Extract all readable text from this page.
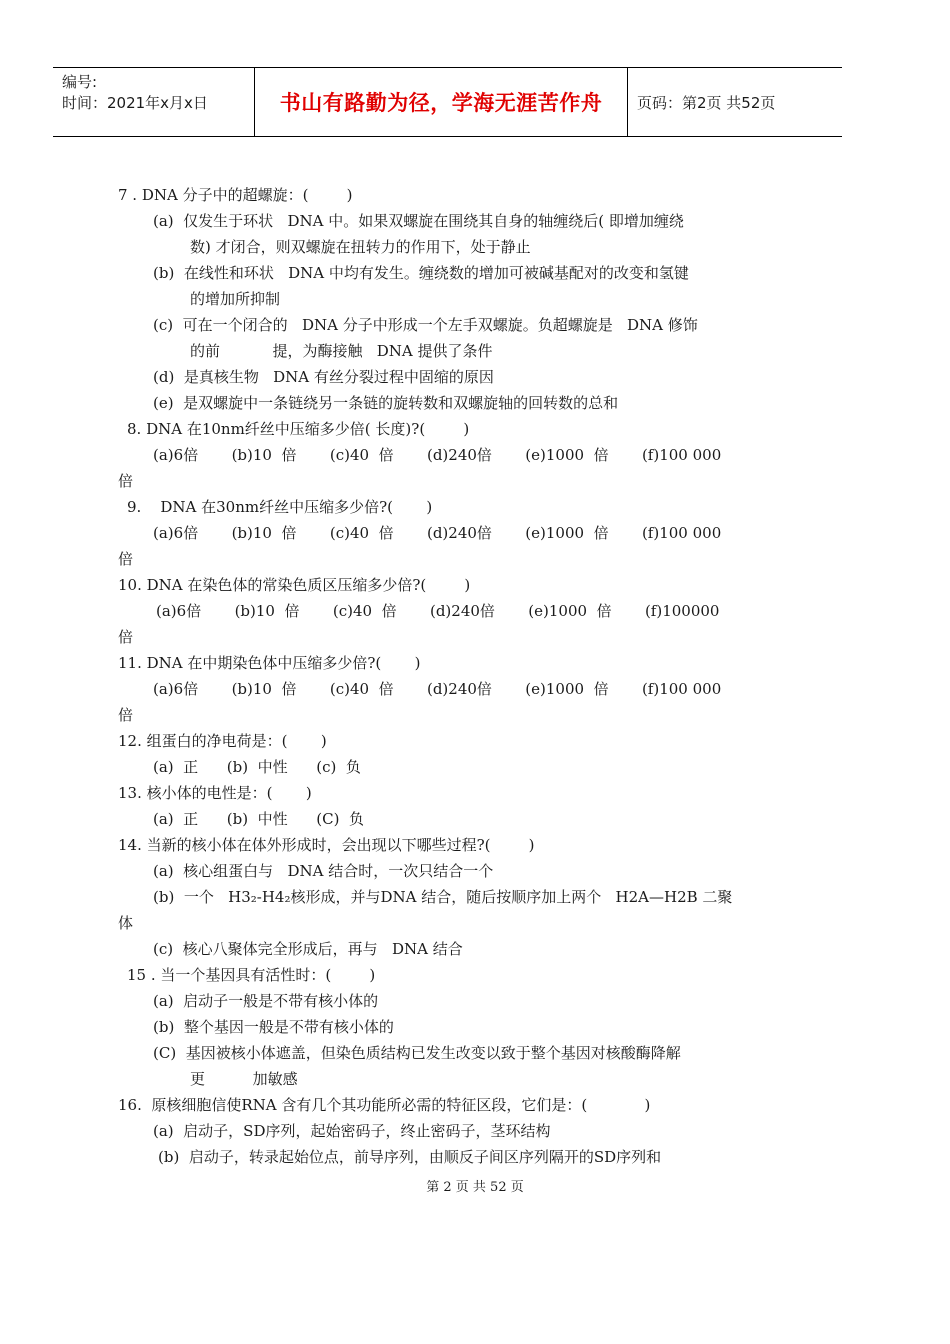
编号:
时间：2021年x月x日	书山有路勤为径，学海无涯苦作舟	页码：第2页 共52页
7 . DNA 分子中的超螺旋：(        )
(a)  仅发生于环状   DNA 中。如果双螺旋在围绕其自身的轴缠绕后( 即增加缠绕
数) 才闭合，则双螺旋在扭转力的作用下，处于静止
(b)  在线性和环状   DNA 中均有发生。缠绕数的增加可被碱基配对的改变和氢键
的增加所抑制
(c)  可在一个闭合的   DNA 分子中形成一个左手双螺旋。负超螺旋是   DNA 修饰
的前           提，为酶接触   DNA 提供了条件
(d)  是真核生物   DNA 有丝分裂过程中固缩的原因
(e)  是双螺旋中一条链绕另一条链的旋转数和双螺旋轴的回转数的总和
8. DNA 在10nm纤丝中压缩多少倍( 长度)?(        )
(a)6倍       (b)10  倍       (c)40  倍       (d)240倍       (e)1000  倍       (f)100 000
倍
9.    DNA 在30nm纤丝中压缩多少倍?(       )
(a)6倍       (b)10  倍       (c)40  倍       (d)240倍       (e)1000  倍       (f)100 000
倍
10. DNA 在染色体的常染色质区压缩多少倍?(        )
(a)6倍       (b)10  倍       (c)40  倍       (d)240倍       (e)1000  倍       (f)100000
倍
11. DNA 在中期染色体中压缩多少倍?(       )
(a)6倍       (b)10  倍       (c)40  倍       (d)240倍       (e)1000  倍       (f)100 000
倍
12. 组蛋白的净电荷是：(       )
(a)  正      (b)  中性      (c)  负
13. 核小体的电性是：(       )
(a)  正      (b)  中性      (C)  负
14. 当新的核小体在体外形成时，会出现以下哪些过程?(        )
(a)  核心组蛋白与   DNA 结合时，一次只结合一个
(b)  一个   H3₂-H4₂核形成，并与DNA 结合，随后按顺序加上两个   H2A—H2B 二聚
体
(c)  核心八聚体完全形成后，再与   DNA 结合
15 . 当一个基因具有活性时：(        )
(a)  启动子一般是不带有核小体的
(b)  整个基因一般是不带有核小体的
(C)  基因被核小体遮盖，但染色质结构已发生改变以致于整个基因对核酸酶降解
更          加敏感
16.  原核细胞信使RNA 含有几个其功能所必需的特征区段，它们是：(            )
(a)  启动子，SD序列，起始密码子，终止密码子，茎环结构
(b)  启动子，转录起始位点，前导序列，由顺反子间区序列隔开的SD序列和
第 2 页 共 52 页
